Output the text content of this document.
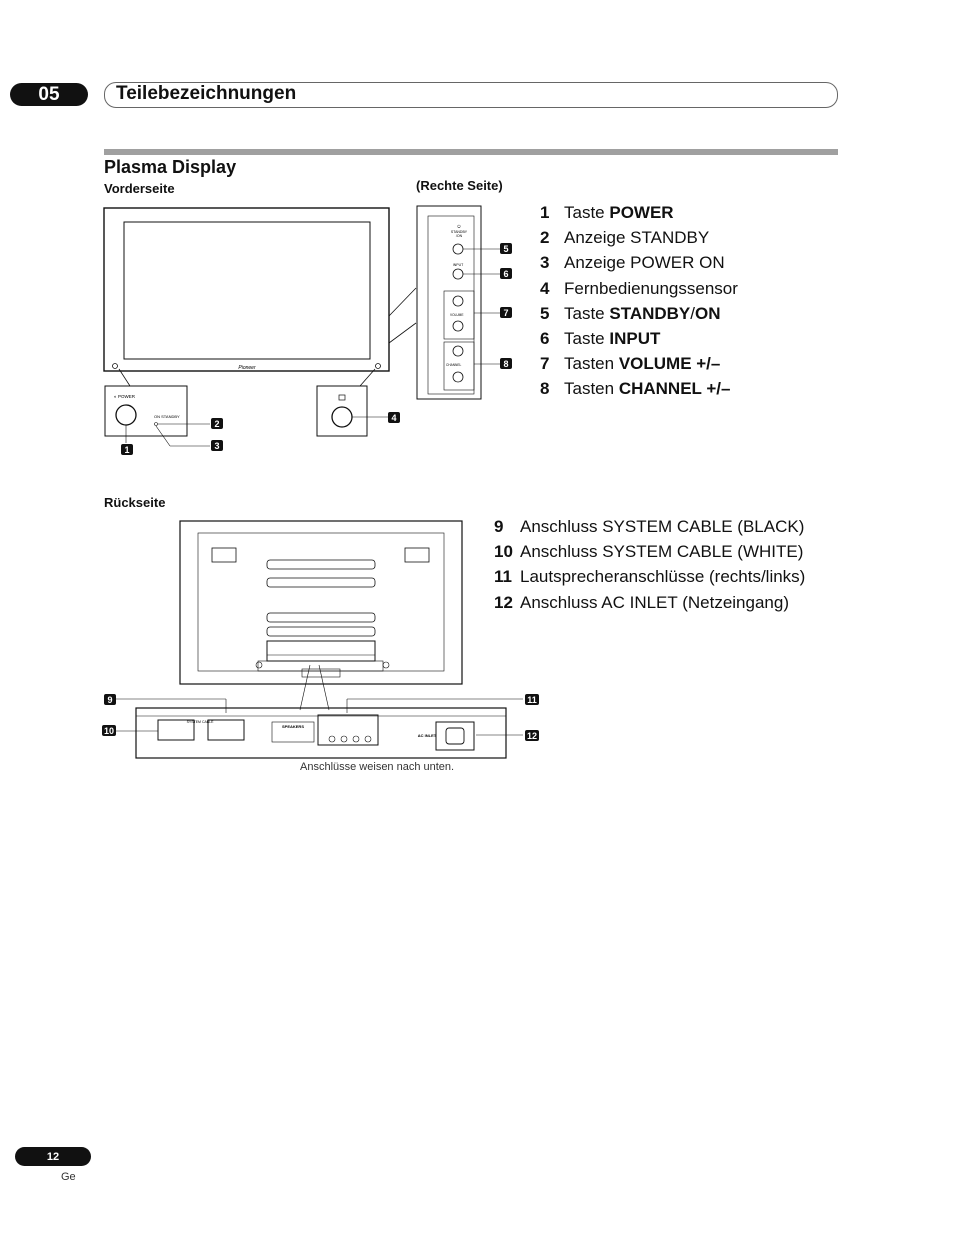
05	Teilebezeichnungen
Plasma Display
Vorderseite	(Rechte Seite)
Rückseite
Pioneer
◐ POWER
ON STANDBY
⏻
STANDBY
/ON
INPUT
VOLUME
CHANNEL
1
2
3
4
5
6
7
8
1 Taste POWER
2 Anzeige STANDBY
3 Anzeige POWER ON
4 Fernbedienungssensor
5 Taste STANDBY/ON
6 Taste INPUT
7 Tasten VOLUME +/–
8 Tasten CHANNEL +/–
SYSTEM CABLE
SPEAKERS
AC INLET
9
10
11
12
Anschlüsse weisen nach unten.
9 Anschluss SYSTEM CABLE (BLACK)
10 Anschluss SYSTEM CABLE (WHITE)
11 Lautsprecheranschlüsse (rechts/links)
12 Anschluss AC INLET (Netzeingang)
12
Ge
